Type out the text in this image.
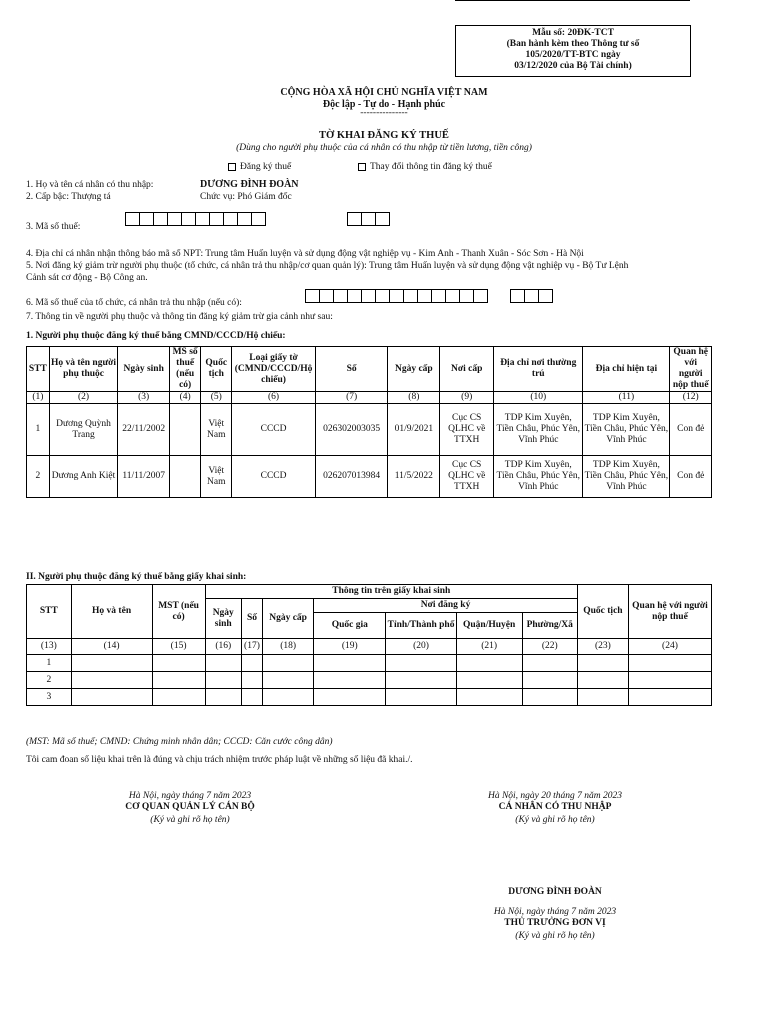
Mẫu số: 20ĐK-TCT
(Ban hành kèm theo Thông tư số
105/2020/TT-BTC ngày
03/12/2020 của Bộ Tài chính)
CỘNG HÒA XÃ HỘI CHỦ NGHĨA VIỆT NAM
Độc lập - Tự do - Hạnh phúc
---------------
TỜ KHAI ĐĂNG KÝ THUẾ
(Dùng cho người phụ thuộc của cá nhân có thu nhập từ tiền lương, tiền công)
Đăng ký thuế	Thay đổi thông tin đăng ký thuế
1. Họ và tên cá nhân có thu nhập:	DƯƠNG ĐÌNH ĐOÀN
2. Cấp bậc: Thượng tá	Chức vụ: Phó Giám đốc
3. Mã số thuế:
4. Địa chỉ cá nhân nhận thông báo mã số NPT: Trung tâm Huấn luyện và sử dụng động vật nghiệp vụ - Kim Anh - Thanh Xuân - Sóc Sơn - Hà Nội
5. Nơi đăng ký giảm trừ người phụ thuộc (tổ chức, cá nhân trả thu nhập/cơ quan quản lý): Trung tâm Huấn luyện và sử dụng động vật nghiệp vụ - Bộ Tư Lệnh
Cảnh sát cơ động - Bộ Công an.
6. Mã số thuế của tổ chức, cá nhân trả thu nhập (nếu có):
7. Thông tin về người phụ thuộc và thông tin đăng ký giảm trừ gia cảnh như sau:
1. Người phụ thuộc đăng ký thuế bằng CMND/CCCD/Hộ chiếu:
STT	Họ và tên người phụ thuộc	Ngày sinh	MS số thuế (nếu có)	Quốc tịch	Loại giấy tờ (CMND/CCCD/Hộ chiếu)	Số	Ngày cấp	Nơi cấp	Địa chỉ nơi thường trú	Địa chỉ hiện tại	Quan hệ với người nộp thuế
(1)	(2)	(3)	(4)	(5)	(6)	(7)	(8)	(9)	(10)	(11)	(12)
1	Dương Quỳnh Trang	22/11/2002		Việt Nam	CCCD	026302003035	01/9/2021	Cục CS QLHC về TTXH	TDP Kim Xuyên, Tiền Châu, Phúc Yên, Vĩnh Phúc	TDP Kim Xuyên, Tiền Châu, Phúc Yên, Vĩnh Phúc	Con đẻ
2	Dương Anh Kiệt	11/11/2007		Việt Nam	CCCD	026207013984	11/5/2022	Cục CS QLHC về TTXH	TDP Kim Xuyên, Tiền Châu, Phúc Yên, Vĩnh Phúc	TDP Kim Xuyên, Tiền Châu, Phúc Yên, Vĩnh Phúc	Con đẻ
II. Người phụ thuộc đăng ký thuế bằng giấy khai sinh:
STT	Họ và tên	MST (nếu có)	Thông tin trên giấy khai sinh							Quốc tịch	Quan hệ với người nộp thuế
			Ngày sinh	Số	Ngày cấp	Nơi đăng ký					
						Quốc gia	Tỉnh/Thành phố	Quận/Huyện	Phường/Xã		
(13)	(14)	(15)	(16)	(17)	(18)	(19)	(20)	(21)	(22)	(23)	(24)
1											
2											
3											
(MST: Mã số thuế; CMND: Chứng minh nhân dân; CCCD: Căn cước công dân)
Tôi cam đoan số liệu khai trên là đúng và chịu trách nhiệm trước pháp luật về những số liệu đã khai./.
Hà Nội, ngày tháng 7 năm 2023
CƠ QUAN QUẢN LÝ CÁN BỘ
(Ký và ghi rõ họ tên)
Hà Nội, ngày 20 tháng 7 năm 2023
CÁ NHÂN CÓ THU NHẬP
(Ký và ghi rõ họ tên)
DƯƠNG ĐÌNH ĐOÀN
Hà Nội, ngày tháng 7 năm 2023
THỦ TRƯỞNG ĐƠN VỊ
(Ký và ghi rõ họ tên)
